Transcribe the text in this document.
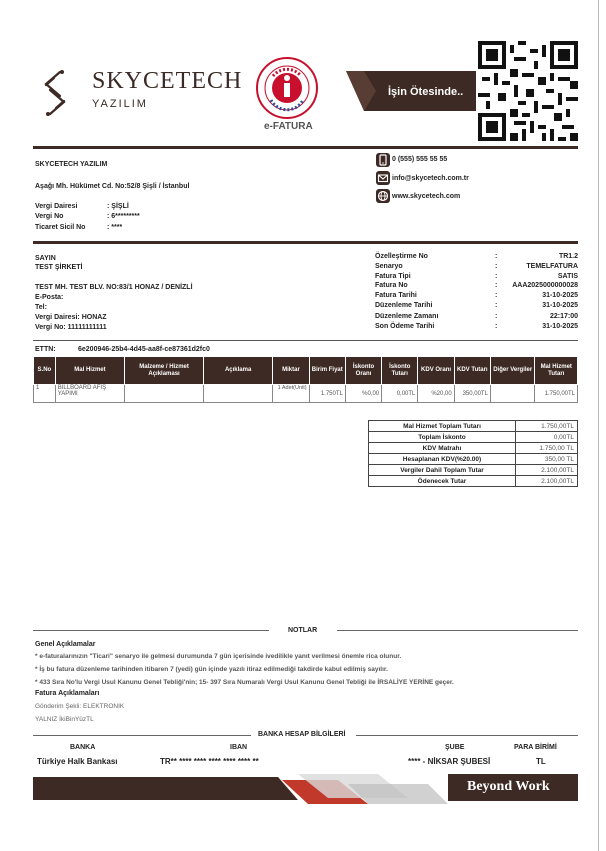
SKYCETECH
YAZILIM
e-FATURA
İşin Ötesinde..
SKYCETECH YAZILIM
Aşağı Mh. Hükümet Cd. No:52/8 Şişli / İstanbul
Vergi Dairesi	: ŞİŞLİ
Vergi No	: 6*********
Ticaret Sicil No	: ****
0 (555) 555 55 55
info@skycetech.com.tr
www.skycetech.com
SAYIN
TEST ŞİRKETİ
TEST MH. TEST BLV. NO:83/1 HONAZ / DENİZLİ
E-Posta:
Tel:
Vergi Dairesi: HONAZ
Vergi No: 11111111111
Özelleştirme No	:	TR1.2
Senaryo	:	TEMELFATURA
Fatura Tipi	:	SATIS
Fatura No	:	AAA2025000000028
Fatura Tarihi	:	31-10-2025
Düzenleme Tarihi	:	31-10-2025
Düzenleme Zamanı	:	22:17:00
Son Ödeme Tarihi	:	31-10-2025
ETTN:	6e200946-25b4-4d45-aa8f-ce87361d2fc0
S.No	Mal Hizmet	Malzeme / Hizmet Açıklaması	Açıklama	Miktar	Birim Fiyat	İskonto Oranı	İskonto Tutarı	KDV Oranı	KDV Tutarı	Diğer Vergiler	Mal Hizmet Tutarı
1	BILLBOARD AFİŞ YAPIMI			1 Adet(Unit)	1.750TL	%0,00	0,00TL	%20,00	350,00TL		1.750,00TL
Mal Hizmet Toplam Tutarı	1.750,00TL
Toplam İskonto	0,00TL
KDV Matrahı	1.750,00 TL
Hesaplanan KDV(%20.00)	350,00 TL
Vergiler Dahil Toplam Tutar	2.100,00TL
Ödenecek Tutar	2.100,00TL
NOTLAR
Genel Açıklamalar
* e-faturalarınızın "Ticari" senaryo ile gelmesi durumunda 7 gün içerisinde ivedilikle yanıt verilmesi önemle rica olunur.
* İş bu fatura düzenleme tarihinden itibaren 7 (yedi) gün içinde yazılı itiraz edilmediği takdirde kabul edilmiş sayılır.
* 433 Sıra No'lu Vergi Usul Kanunu Genel Tebliği'nin; 15- 397 Sıra Numaralı Vergi Usul Kanunu Genel Tebliği ile İRSALİYE YERİNE geçer.
Fatura Açıklamaları
Gönderim Şekli: ELEKTRONIK
YALNIZ İkiBinYüzTL
BANKA HESAP BİLGİLERİ
BANKA	IBAN	ŞUBE	PARA BİRİMİ
Türkiye Halk Bankası	TR** **** **** **** **** **** **	**** - NİKSAR ŞUBESİ	TL
Beyond Work
